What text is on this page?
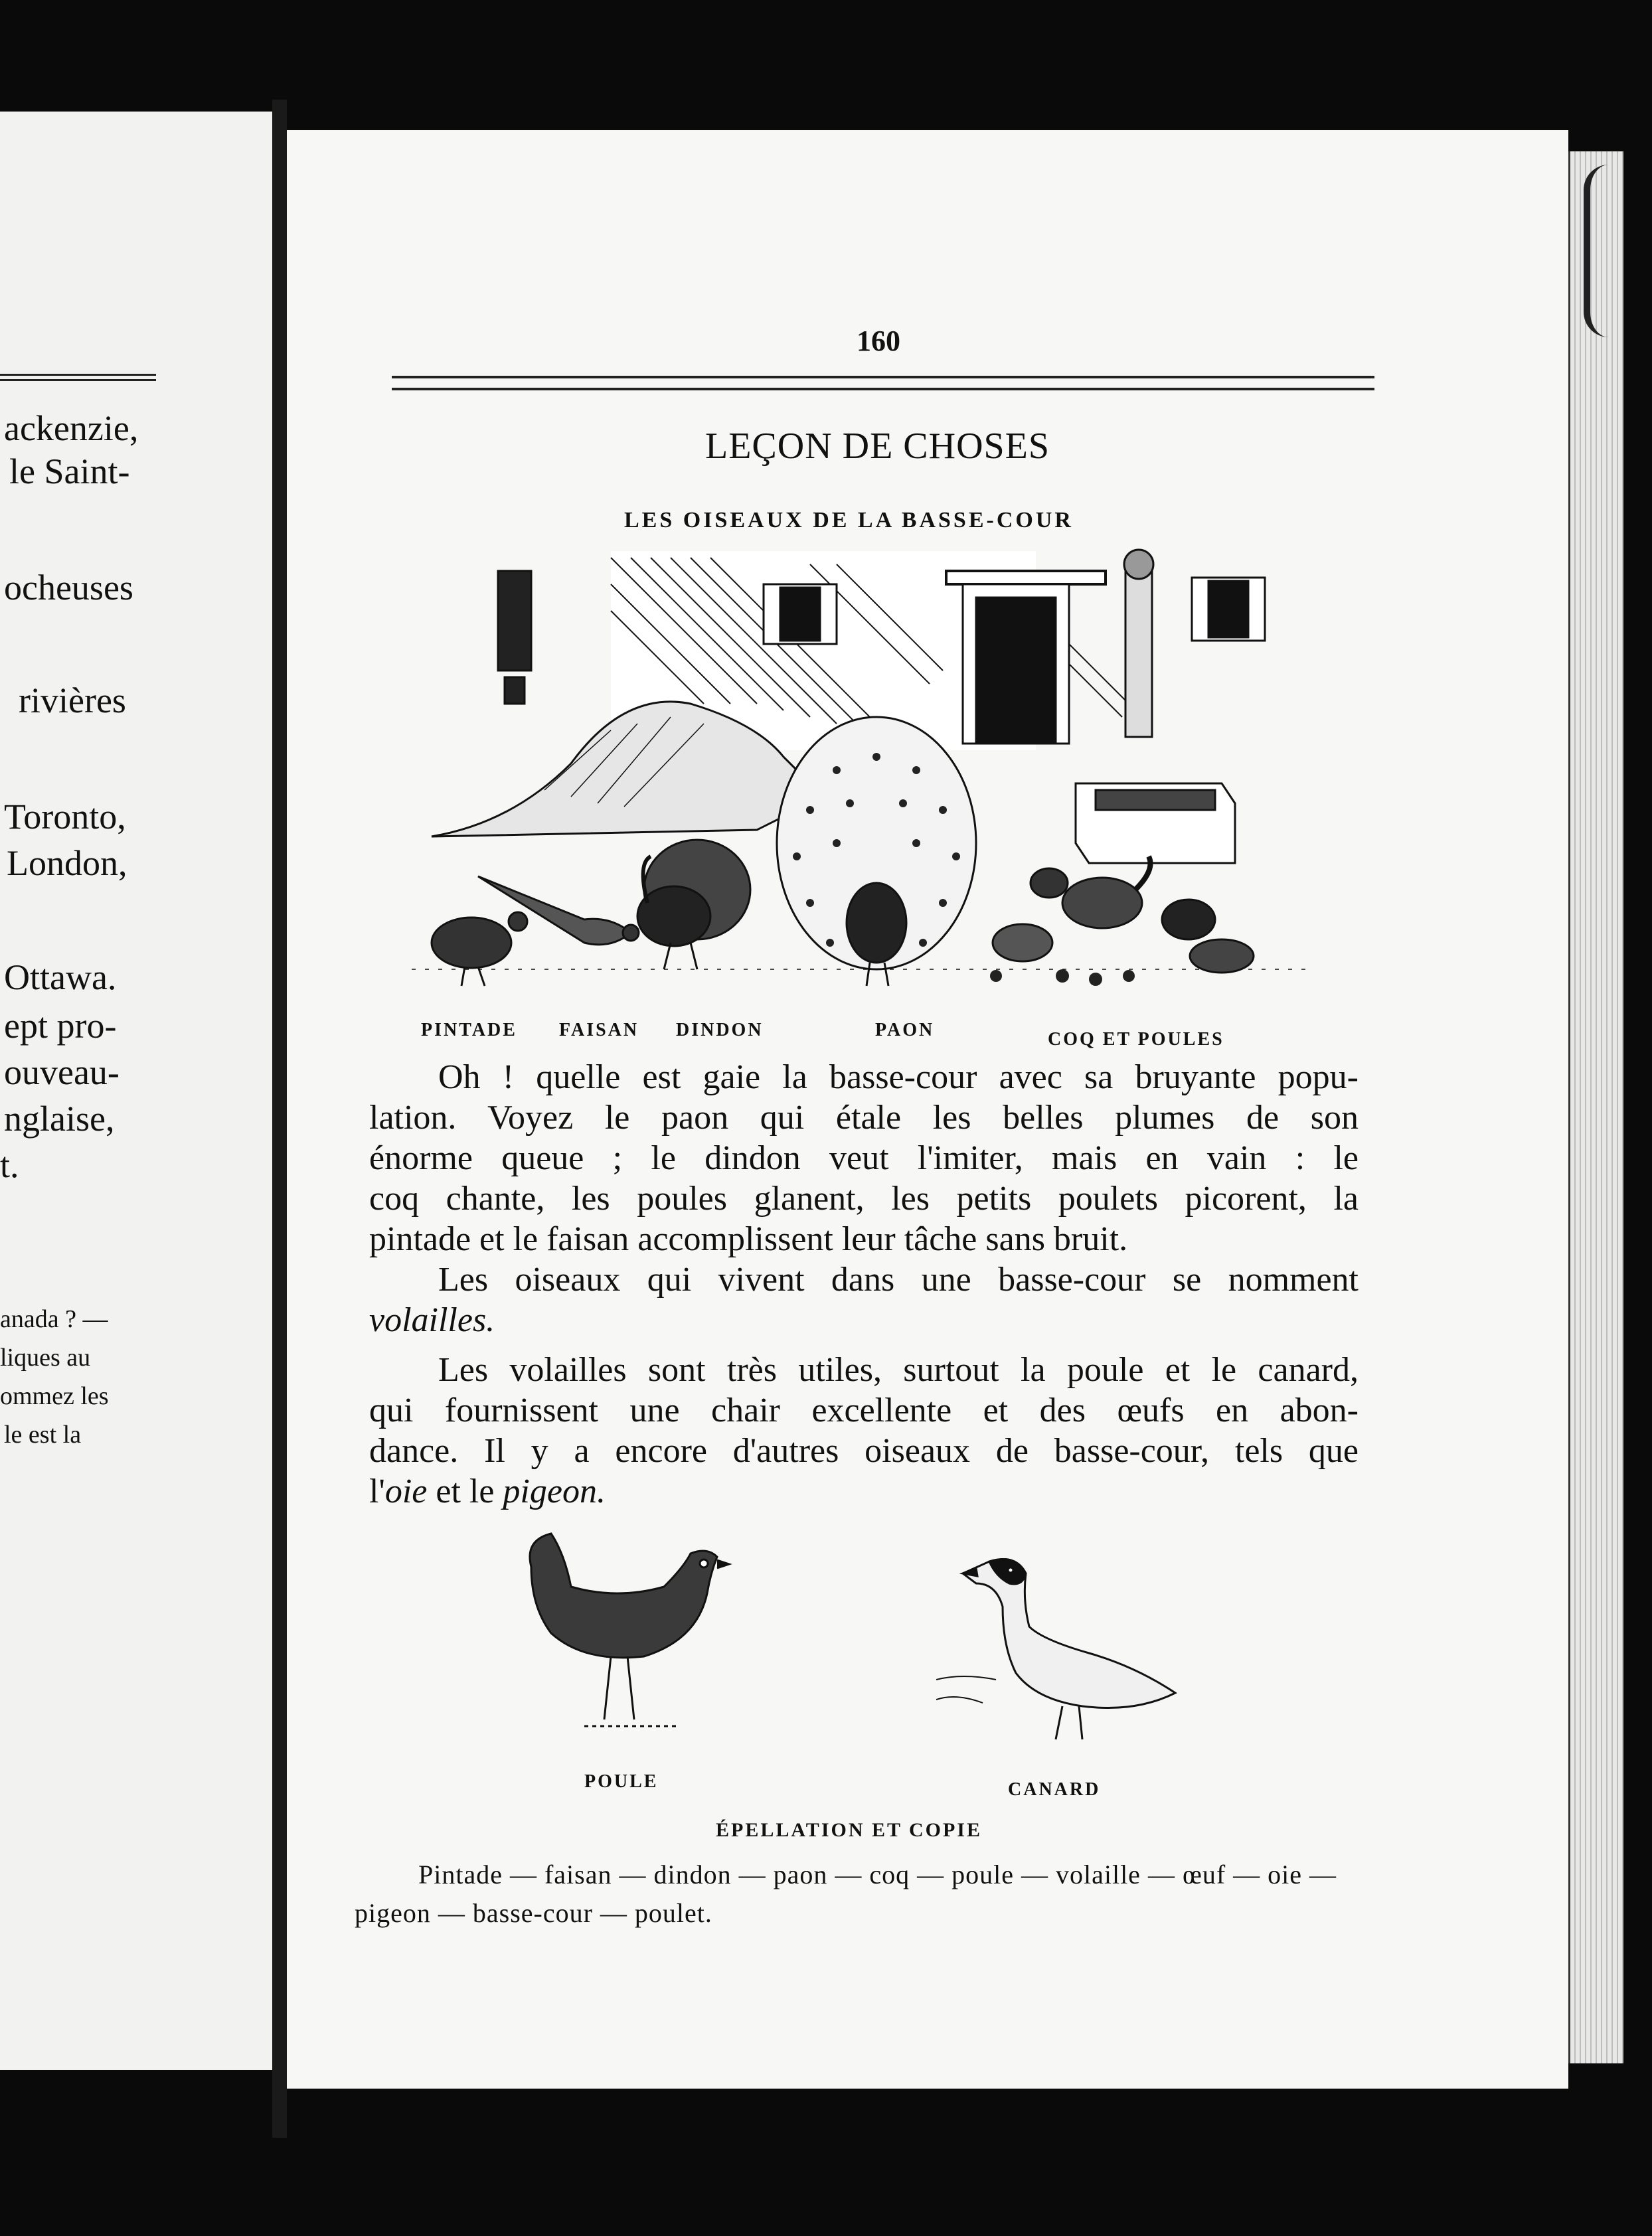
ackenzie,
le Saint-
ocheuses
rivières
Toronto,
London,
Ottawa.
ept pro-
ouveau-
nglaise,
t.
anada ? —
liques au
ommez les
le est la
160
LEÇON DE CHOSES
LES OISEAUX DE LA BASSE-COUR
PINTADE FAISAN DINDON	PAON	COQ ET POULES
Oh ! quelle est gaie la basse-cour avec sa bruyante popu-
lation. Voyez le paon qui étale les belles plumes de son
énorme queue ; le dindon veut l'imiter, mais en vain : le
coq chante, les poules glanent, les petits poulets picorent, la
pintade et le faisan accomplissent leur tâche sans bruit.
Les oiseaux qui vivent dans une basse-cour se nomment
volailles.
Les volailles sont très utiles, surtout la poule et le canard,
qui fournissent une chair excellente et des œufs en abon-
dance. Il y a encore d'autres oiseaux de basse-cour, tels que
l'oie et le pigeon.
POULE	CANARD
ÉPELLATION ET COPIE
Pintade — faisan — dindon — paon — coq — poule — volaille — œuf — oie —
pigeon — basse-cour — poulet.
